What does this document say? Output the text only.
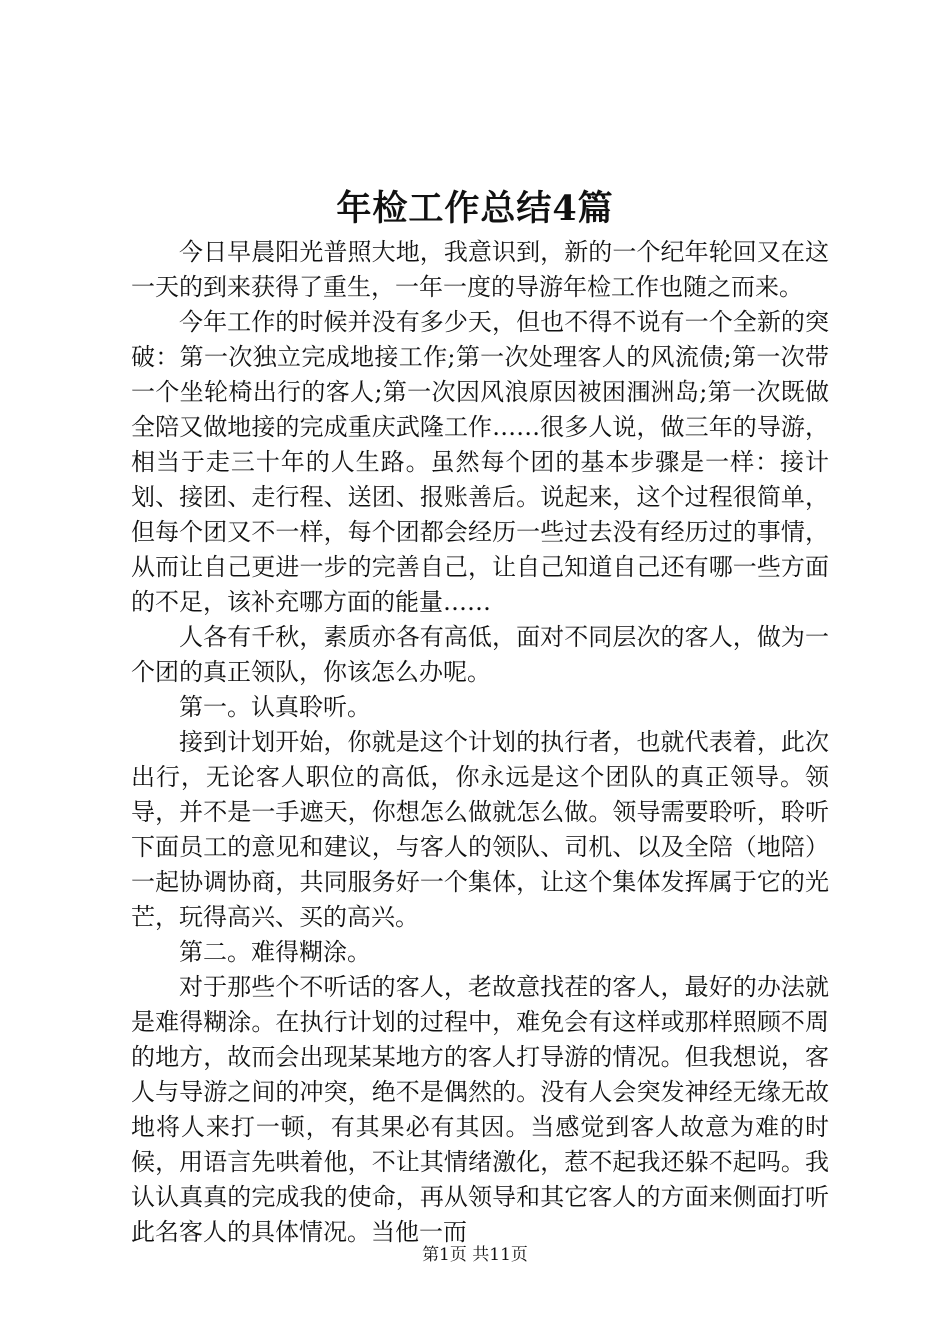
年检工作总结4篇

今日早晨阳光普照大地，我意识到，新的一个纪年轮回又在这一天的到来获得了重生，一年一度的导游年检工作也随之而来。

今年工作的时候并没有多少天，但也不得不说有一个全新的突破：第一次独立完成地接工作;第一次处理客人的风流债;第一次带一个坐轮椅出行的客人;第一次因风浪原因被困涠洲岛;第一次既做全陪又做地接的完成重庆武隆工作……很多人说，做三年的导游，相当于走三十年的人生路。虽然每个团的基本步骤是一样：接计划、接团、走行程、送团、报账善后。说起来，这个过程很简单，但每个团又不一样，每个团都会经历一些过去没有经历过的事情，从而让自己更进一步的完善自己，让自己知道自己还有哪一些方面的不足，该补充哪方面的能量……

人各有千秋，素质亦各有高低，面对不同层次的客人，做为一个团的真正领队，你该怎么办呢。

第一。认真聆听。

接到计划开始，你就是这个计划的执行者，也就代表着，此次出行，无论客人职位的高低，你永远是这个团队的真正领导。领导，并不是一手遮天，你想怎么做就怎么做。领导需要聆听，聆听下面员工的意见和建议，与客人的领队、司机、以及全陪（地陪）一起协调协商，共同服务好一个集体，让这个集体发挥属于它的光芒，玩得高兴、买的高兴。

第二。难得糊涂。

对于那些个不听话的客人，老故意找茬的客人，最好的办法就是难得糊涂。在执行计划的过程中，难免会有这样或那样照顾不周的地方，故而会出现某某地方的客人打导游的情况。但我想说，客人与导游之间的冲突，绝不是偶然的。没有人会突发神经无缘无故地将人来打一顿，有其果必有其因。当感觉到客人故意为难的时候，用语言先哄着他，不让其情绪激化，惹不起我还躲不起吗。我认认真真的完成我的使命，再从领导和其它客人的方面来侧面打听此名客人的具体情况。当他一而

第1页 共11页
